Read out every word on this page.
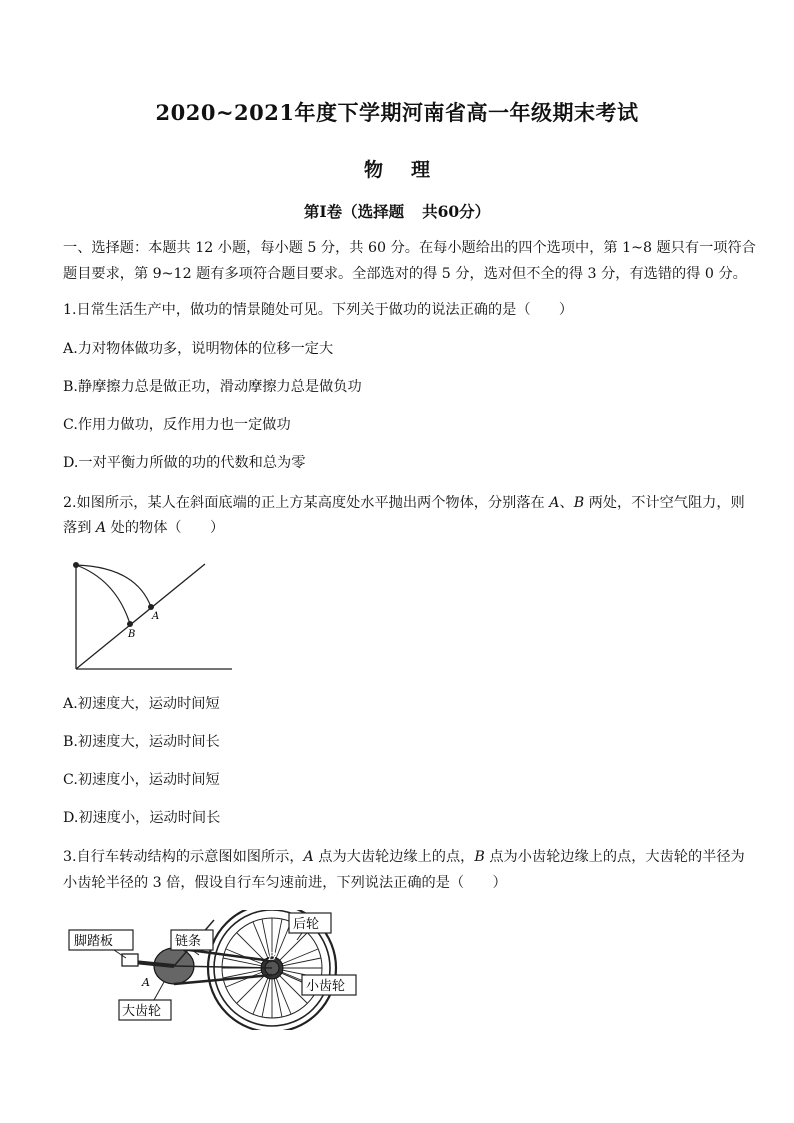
2020~2021年度下学期河南省高一年级期末考试
物理
第Ⅰ卷（选择题 共60分）
一、选择题：本题共 12 小题，每小题 5 分，共 60 分。在每小题给出的四个选项中，第 1~8 题只有一项符合
题目要求，第 9~12 题有多项符合题目要求。全部选对的得 5 分，选对但不全的得 3 分，有选错的得 0 分。
1.日常生活生产中，做功的情景随处可见。下列关于做功的说法正确的是（　　）
A.力对物体做功多，说明物体的位移一定大
B.静摩擦力总是做正功，滑动摩擦力总是做负功
C.作用力做功，反作用力也一定做功
D.一对平衡力所做的功的代数和总为零
2.如图所示，某人在斜面底端的正上方某高度处水平抛出两个物体，分别落在 A、B 两处，不计空气阻力，则
落到 A 处的物体（　　）
A
B
A.初速度大，运动时间短
B.初速度大，运动时间长
C.初速度小，运动时间短
D.初速度小，运动时间长
3.自行车转动结构的示意图如图所示，A 点为大齿轮边缘上的点，B 点为小齿轮边缘上的点，大齿轮的半径为
小齿轮半径的 3 倍，假设自行车匀速前进，下列说法正确的是（　　）
脚踏板	链条
后轮
小齿轮
大齿轮
A
B
